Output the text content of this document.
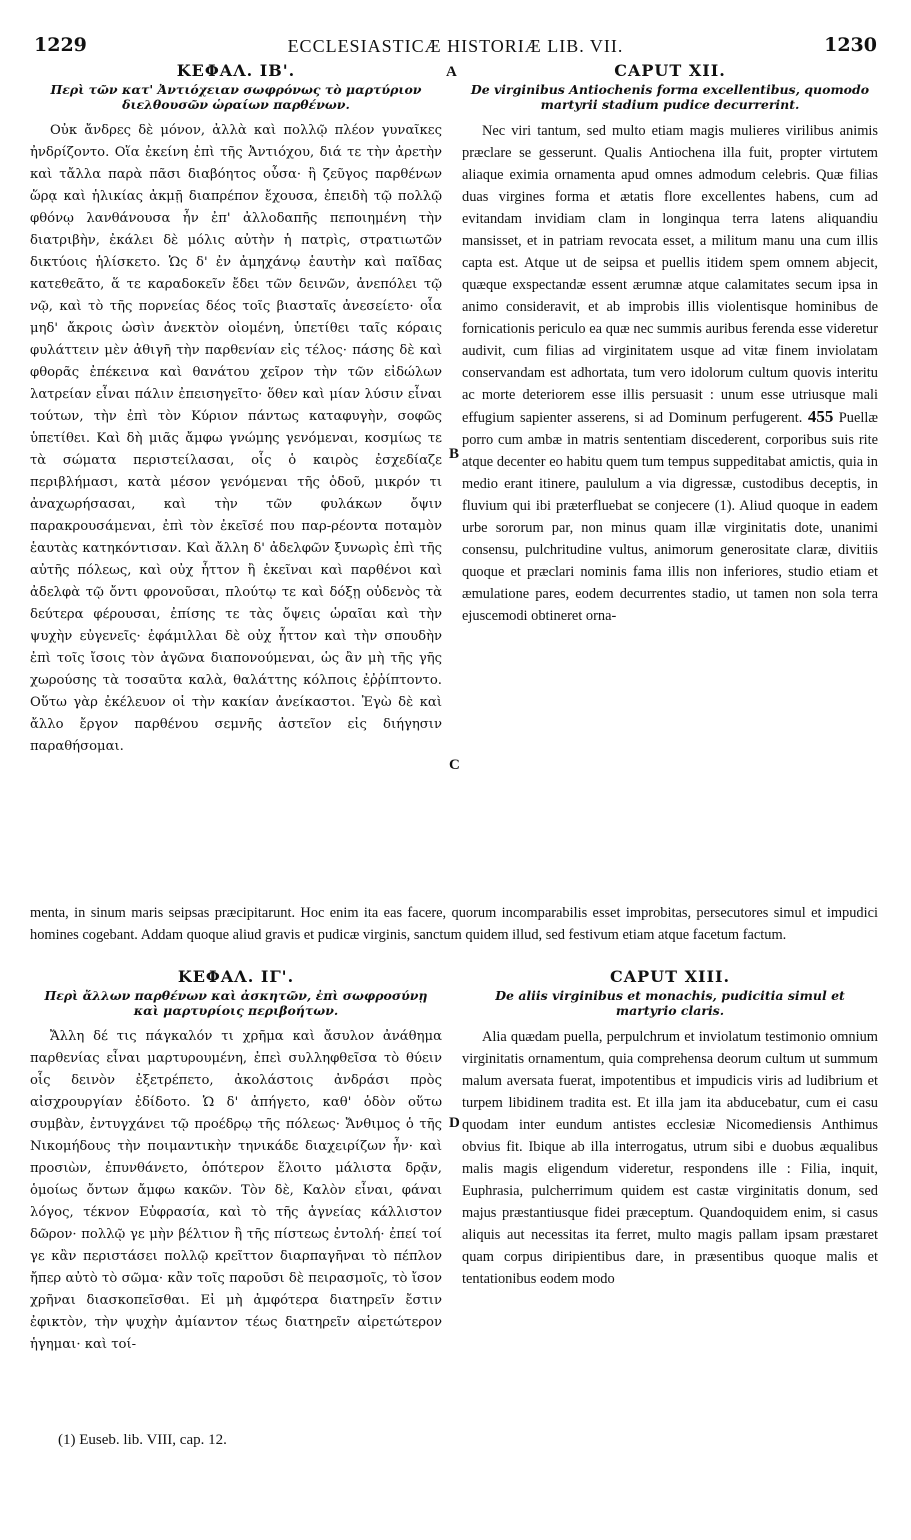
1229	ECCLESIASTICÆ HISTORIÆ LIB. VII.	1230
ΚΕΦΑΛ. ΙΒ'.

Περὶ τῶν κατ' Ἀντιόχειαν σωφρόνως τὸ μαρτύριον διελθουσῶν ὡραίων παρθένων.

Οὐκ ἄνδρες δὲ μόνον, ἀλλὰ καὶ πολλῷ πλέον γυναῖκες ἠνδρίζοντο. Οἵα ἐκείνη ἐπὶ τῆς Ἀντιόχου, διά τε τὴν ἀρετὴν καὶ τἄλλα παρὰ πᾶσι διαβόητος οὖσα· ἣ ζεῦγος παρθένων ὥρᾳ καὶ ἡλικίας ἀκμῇ διαπρέπον ἔχουσα, ἐπειδὴ τῷ πολλῷ φθόνῳ λανθάνουσα ἦν ἐπ' ἀλλοδαπῆς πεποιημένη τὴν διατριβὴν, ἐκάλει δὲ μόλις αὐτὴν ἡ πατρὶς, στρατιωτῶν δικτύοις ἡλίσκετο. Ὡς δ' ἐν ἀμηχάνῳ ἑαυτὴν καὶ παῖδας κατεθεᾶτο, ἅ τε καραδοκεῖν ἔδει τῶν δεινῶν, ἀνεπόλει τῷ νῷ, καὶ τὸ τῆς πορνείας δέος τοῖς βιασταῖς ἀνεσείετο· οἷα μηδ' ἄκροις ὠσὶν ἀνεκτὸν οἰομένη, ὑπετίθει ταῖς κόραις φυλάττειν μὲν ἀθιγῆ τὴν παρθενίαν εἰς τέλος· πάσης δὲ καὶ φθορᾶς ἐπέκεινα καὶ θανάτου χεῖρον τὴν τῶν εἰδώλων λατρείαν εἶναι πάλιν ἐπεισηγεῖτο· ὅθεν καὶ μίαν λύσιν εἶναι τούτων, τὴν ἐπὶ τὸν Κύριον πάντως καταφυγὴν, σοφῶς ὑπετίθει. Καὶ δὴ μιᾶς ἄμφω γνώμης γενόμεναι, κοσμίως τε τὰ σώματα περιστείλασαι, οἷς ὁ καιρὸς ἐσχεδίαζε περιβλήμασι, κατὰ μέσον γενόμεναι τῆς ὁδοῦ, μικρόν τι ἀναχωρήσασαι, καὶ τὴν τῶν φυλάκων ὄψιν παρακρουσάμεναι, ἐπὶ τὸν ἐκεῖσέ που παρ-ρέοντα ποταμὸν ἑαυτὰς κατηκόντισαν. Καὶ ἄλλη δ' ἀδελφῶν ξυνωρὶς ἐπὶ τῆς αὐτῆς πόλεως, καὶ οὐχ ἧττον ἢ ἐκεῖναι καὶ παρθένοι καὶ ἀδελφὰ τῷ ὄντι φρονοῦσαι, πλούτῳ τε καὶ δόξῃ οὐδενὸς τὰ δεύτερα φέρουσαι, ἐπίσης τε τὰς ὄψεις ὡραῖαι καὶ τὴν ψυχὴν εὐγενεῖς· ἐφάμιλλαι δὲ οὐχ ἧττον καὶ τὴν σπουδὴν ἐπὶ τοῖς ἴσοις τὸν ἀγῶνα διαπονούμεναι, ὡς ἂν μὴ τῆς γῆς χωρούσης τὰ τοσαῦτα καλὰ, θαλάττης κόλποις ἐῤῥίπτοντο. Οὕτω γὰρ ἐκέλευον οἱ τὴν κακίαν ἀνείκαστοι. Ἐγὼ δὲ καὶ ἄλλο ἔργον παρθένου σεμνῆς ἀστεῖον εἰς διήγησιν παραθήσομαι.

CAPUT XII.

De virginibus Antiochenis forma excellentibus, quomodo martyrii stadium pudice decurrerint.

Nec viri tantum, sed multo etiam magis mulieres virilibus animis præclare se gesserunt. Qualis Antiochena illa fuit, propter virtutem aliaque eximia ornamenta apud omnes admodum celebris. Quæ filias duas virgines forma et ætatis flore excellentes habens, cum ad evitandam invidiam clam in longinqua terra latens aliquandiu mansisset, et in patriam revocata esset, a militum manu una cum illis capta est. Atque ut de seipsa et puellis itidem spem omnem abjecit, quæque exspectandæ essent ærumnæ atque calamitates secum ipsa in animo consideravit, et ab improbis illis violentisque hominibus de fornicationis periculo ea quæ nec summis auribus ferenda esse videretur audivit, cum filias ad virginitatem usque ad vitæ finem inviolatam conservandam est adhortata, tum vero idolorum cultum quovis interitu ac morte deteriorem esse illis persuasit : unum esse utriusque mali effugium sapienter asserens, si ad Dominum perfugerent. 455 Puellæ porro cum ambæ in matris sententiam discederent, corporibus suis rite atque decenter eo habitu quem tum tempus suppeditabat amictis, quia in medio erant itinere, paululum a via digressæ, custodibus deceptis, in fluvium qui ibi præterfluebat se conjecere (1). Aliud quoque in eadem urbe sororum par, non minus quam illæ virginitatis dote, unanimi consensu, pulchritudine vultus, animorum generositate claræ, divitiis quoque et præclari nominis fama illis non inferiores, studio etiam et æmulatione pares, eodem decurrentes stadio, ut tamen non sola terra ejuscemodi obtineret orna-

menta, in sinum maris seipsas præcipitarunt. Hoc enim ita eas facere, quorum incomparabilis esset improbitas, persecutores simul et impudici homines cogebant. Addam quoque aliud gravis et pudicæ virginis, sanctum quidem illud, sed festivum etiam atque facetum factum.
ΚΕΦΑΛ. ΙΓ'.

Περὶ ἄλλων παρθένων καὶ ἀσκητῶν, ἐπὶ σωφροσύνῃ καὶ μαρτυρίοις περιβοήτων.

Ἄλλη δέ τις πάγκαλόν τι χρῆμα καὶ ἄσυλον ἀνάθημα παρθενίας εἶναι μαρτυρουμένη, ἐπεὶ συλληφθεῖσα τὸ θύειν οἷς δεινὸν ἐξετρέπετο, ἀκολάστοις ἀνδράσι πρὸς αἰσχρουργίαν ἐδίδοτο. Ὡ δ' ἀπήγετο, καθ' ὁδὸν οὕτω συμβὰν, ἐντυγχάνει τῷ προέδρῳ τῆς πόλεως· Ἄνθιμος ὁ τῆς Νικομήδους τὴν ποιμαντικὴν τηνικάδε διαχειρίζων ἦν· καὶ προσιὼν, ἐπυνθάνετο, ὁπότερον ἕλοιτο μάλιστα δρᾷν, ὁμοίως ὄντων ἄμφω κακῶν. Τὸν δὲ, Καλὸν εἶναι, φάναι λόγος, τέκνον Εὐφρασία, καὶ τὸ τῆς ἁγνείας κάλλιστον δῶρον· πολλῷ γε μὴν βέλτιον ἢ τῆς πίστεως ἐντολή· ἐπεί τοί γε κἂν περιστάσει πολλῷ κρεῖττον διαρπαγῆναι τὸ πέπλον ἤπερ αὐτὸ τὸ σῶμα· κἂν τοῖς παροῦσι δὲ πειρασμοῖς, τὸ ἴσον χρῆναι διασκοπεῖσθαι. Εἰ μὴ ἀμφότερα διατηρεῖν ἔστιν ἐφικτὸν, τὴν ψυχὴν ἀμίαντον τέως διατηρεῖν αἱρετώτερον ἡγημαι· καὶ τοί-

CAPUT XIII.

De aliis virginibus et monachis, pudicitia simul et martyrio claris.

Alia quædam puella, perpulchrum et inviolatum testimonio omnium virginitatis ornamentum, quia comprehensa deorum cultum ut summum malum aversata fuerat, impotentibus et impudicis viris ad ludibrium et turpem libidinem tradita est. Et illa jam ita abducebatur, cum ei casu quodam inter eundum antistes ecclesiæ Nicomediensis Anthimus obvius fit. Ibique ab illa interrogatus, utrum sibi e duobus æqualibus malis magis eligendum videretur, respondens ille : Filia, inquit, Euphrasia, pulcherrimum quidem est castæ virginitatis donum, sed majus præstantiusque fidei præceptum. Quandoquidem enim, si casus aliquis aut necessitas ita ferret, multo magis pallam ipsam præstaret quam corpus diripientibus dare, in præsentibus quoque malis et tentationibus eodem modo

A
B
C
D
(1) Euseb. lib. VIII, cap. 12.
